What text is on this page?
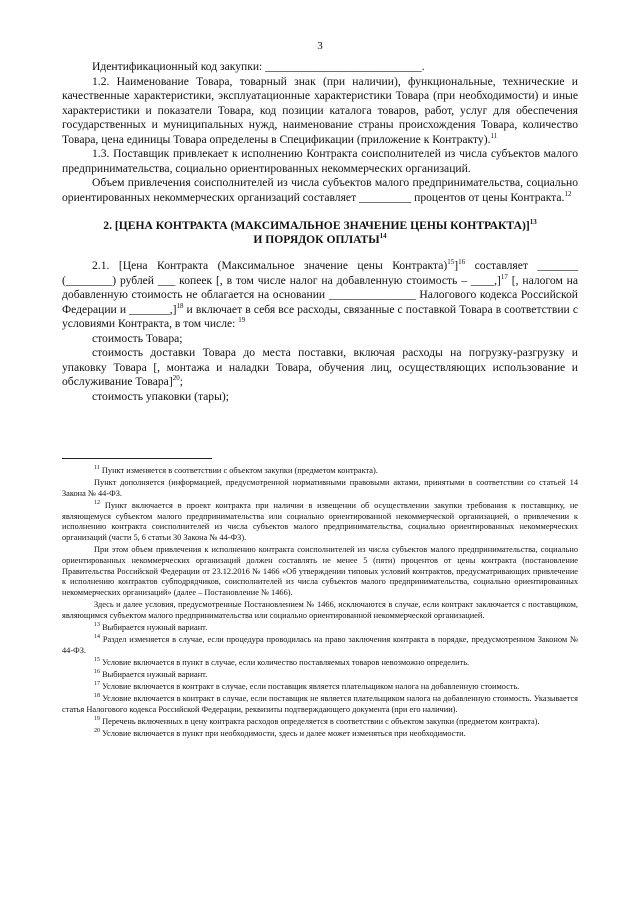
3

Идентификационный код закупки: ___________________________.

1.2. Наименование Товара, товарный знак (при наличии), функциональные, технические и качественные характеристики, эксплуатационные характеристики Товара (при необходимости) и иные характеристики и показатели Товара, код позиции каталога товаров, работ, услуг для обеспечения государственных и муниципальных нужд, наименование страны происхождения Товара, количество Товара, цена единицы Товара определены в Спецификации (приложение к Контракту).$^{11}$

1.3. Поставщик привлекает к исполнению Контракта соисполнителей из числа субъектов малого предпринимательства, социально ориентированных некоммерческих организаций.

Объем привлечения соисполнителей из числа субъектов малого предпринимательства, социально ориентированных некоммерческих организаций составляет _________ процентов от цены Контракта.$^{12}$

2. [ЦЕНА КОНТРАКТА (МАКСИМАЛЬНОЕ ЗНАЧЕНИЕ ЦЕНЫ КОНТРАКТА)]$^{13}$
И ПОРЯДОК ОПЛАТЫ$^{14}$

2.1. [Цена Контракта (Максимальное значение цены Контракта)$^{15}$]$^{16}$ составляет _______ (________) рублей ___ копеек [, в том числе налог на добавленную стоимость – ____,]$^{17}$ [, налогом на добавленную стоимость не облагается на основании _______________ Налогового кодекса Российской Федерации и _______,]$^{18}$ и включает в себя все расходы, связанные с поставкой Товара в соответствии с условиями Контракта, в том числе: $^{19}$

стоимость Товара;

стоимость доставки Товара до места поставки, включая расходы на погрузку-разгрузку и упаковку Товара [, монтажа и наладки Товара, обучения лиц, осуществляющих использование и обслуживание Товара]$^{20}$;

стоимость упаковки (тары);

$^{11}$ Пункт изменяется в соответствии с объектом закупки (предметом контракта).

Пункт дополняется (информацией, предусмотренной нормативными правовыми актами, принятыми в соответствии со статьей 14 Закона № 44-ФЗ.

$^{12}$ Пункт включается в проект контракта при наличии в извещении об осуществлении закупки требования к поставщику, не являющемуся субъектом малого предпринимательства или социально ориентированной некоммерческой организацией, о привлечении к исполнению контракта соисполнителей из числа субъектов малого предпринимательства, социально ориентированных некоммерческих организаций (части 5, 6 статьи 30 Закона № 44-ФЗ).

При этом объем привлечения к исполнению контракта соисполнителей из числа субъектов малого предпринимательства, социально ориентированных некоммерческих организаций должен составлять не менее 5 (пяти) процентов от цены контракта (постановление Правительства Российской Федерации от 23.12.2016 № 1466 «Об утверждении типовых условий контрактов, предусматривающих привлечение к исполнению контрактов субподрядчиков, соисполнителей из числа субъектов малого предпринимательства, социально ориентированных некоммерческих организаций» (далее – Постановление № 1466).

Здесь и далее условия, предусмотренные Постановлением № 1466, исключаются в случае, если контракт заключается с поставщиком, являющимся субъектом малого предпринимательства или социально ориентированной некоммерческой организацией.

$^{13}$ Выбирается нужный вариант.

$^{14}$ Раздел изменяется в случае, если процедура проводилась на право заключения контракта в порядке, предусмотренном Законом № 44-ФЗ.

$^{15}$ Условие включается в пункт в случае, если количество поставляемых товаров невозможно определить.

$^{16}$ Выбирается нужный вариант.

$^{17}$ Условие включается в контракт в случае, если поставщик является плательщиком налога на добавленную стоимость.

$^{18}$ Условие включается в контракт в случае, если поставщик не является плательщиком налога на добавленную стоимость. Указывается статья Налогового кодекса Российской Федерации, реквизиты подтверждающего документа (при его наличии).

$^{19}$ Перечень включенных в цену контракта расходов определяется в соответствии с объектом закупки (предметом контракта).

$^{20}$ Условие включается в пункт при необходимости, здесь и далее может изменяться при необходимости.
